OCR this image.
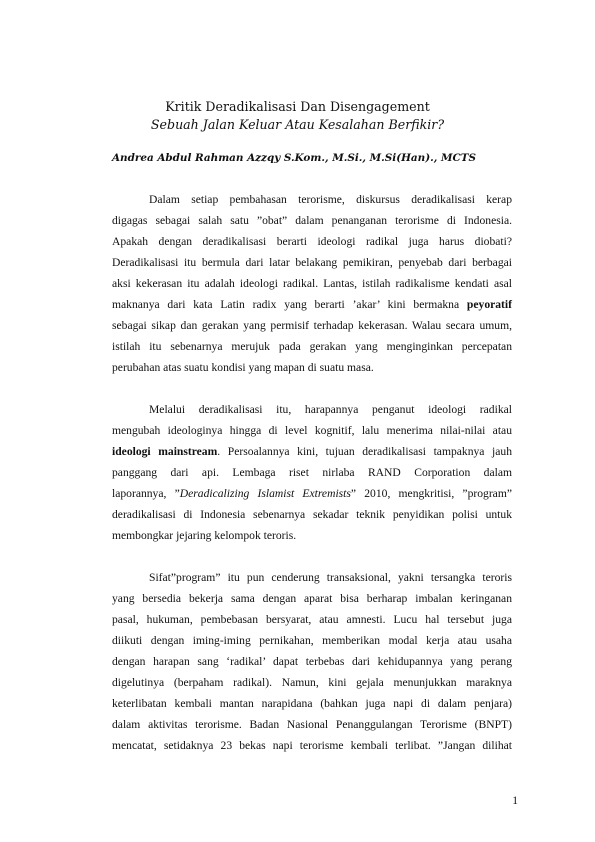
Kritik Deradikalisasi Dan Disengagement
Sebuah Jalan Keluar Atau Kesalahan Berfikir?
Andrea Abdul Rahman Azzqy S.Kom., M.Si., M.Si(Han)., MCTS
Dalam setiap pembahasan terorisme, diskursus deradikalisasi kerap
digagas sebagai salah satu ”obat” dalam penanganan terorisme di Indonesia.
Apakah dengan deradikalisasi berarti ideologi radikal juga harus diobati?
Deradikalisasi itu bermula dari latar belakang pemikiran, penyebab dari berbagai
aksi kekerasan itu adalah ideologi radikal. Lantas, istilah radikalisme kendati asal
maknanya dari kata Latin radix yang berarti ’akar’ kini bermakna peyoratif
sebagai sikap dan gerakan yang permisif terhadap kekerasan. Walau secara umum,
istilah itu sebenarnya merujuk pada gerakan yang menginginkan percepatan
perubahan atas suatu kondisi yang mapan di suatu masa.
Melalui deradikalisasi itu, harapannya penganut ideologi radikal
mengubah ideologinya hingga di level kognitif, lalu menerima nilai-nilai atau
ideologi mainstream. Persoalannya kini, tujuan deradikalisasi tampaknya jauh
panggang dari api. Lembaga riset nirlaba RAND Corporation dalam
laporannya, ”Deradicalizing Islamist Extremists” 2010, mengkritisi, ”program”
deradikalisasi di Indonesia sebenarnya sekadar teknik penyidikan polisi untuk
membongkar jejaring kelompok teroris.
Sifat”program” itu pun cenderung transaksional, yakni tersangka teroris
yang bersedia bekerja sama dengan aparat bisa berharap imbalan keringanan
pasal, hukuman, pembebasan bersyarat, atau amnesti. Lucu hal tersebut juga
diikuti dengan iming-iming pernikahan, memberikan modal kerja atau usaha
dengan harapan sang ‘radikal’ dapat terbebas dari kehidupannya yang perang
digelutinya (berpaham radikal). Namun, kini gejala menunjukkan maraknya
keterlibatan kembali mantan narapidana (bahkan juga napi di dalam penjara)
dalam aktivitas terorisme. Badan Nasional Penanggulangan Terorisme (BNPT)
mencatat, setidaknya 23 bekas napi terorisme kembali terlibat. ”Jangan dilihat
1
